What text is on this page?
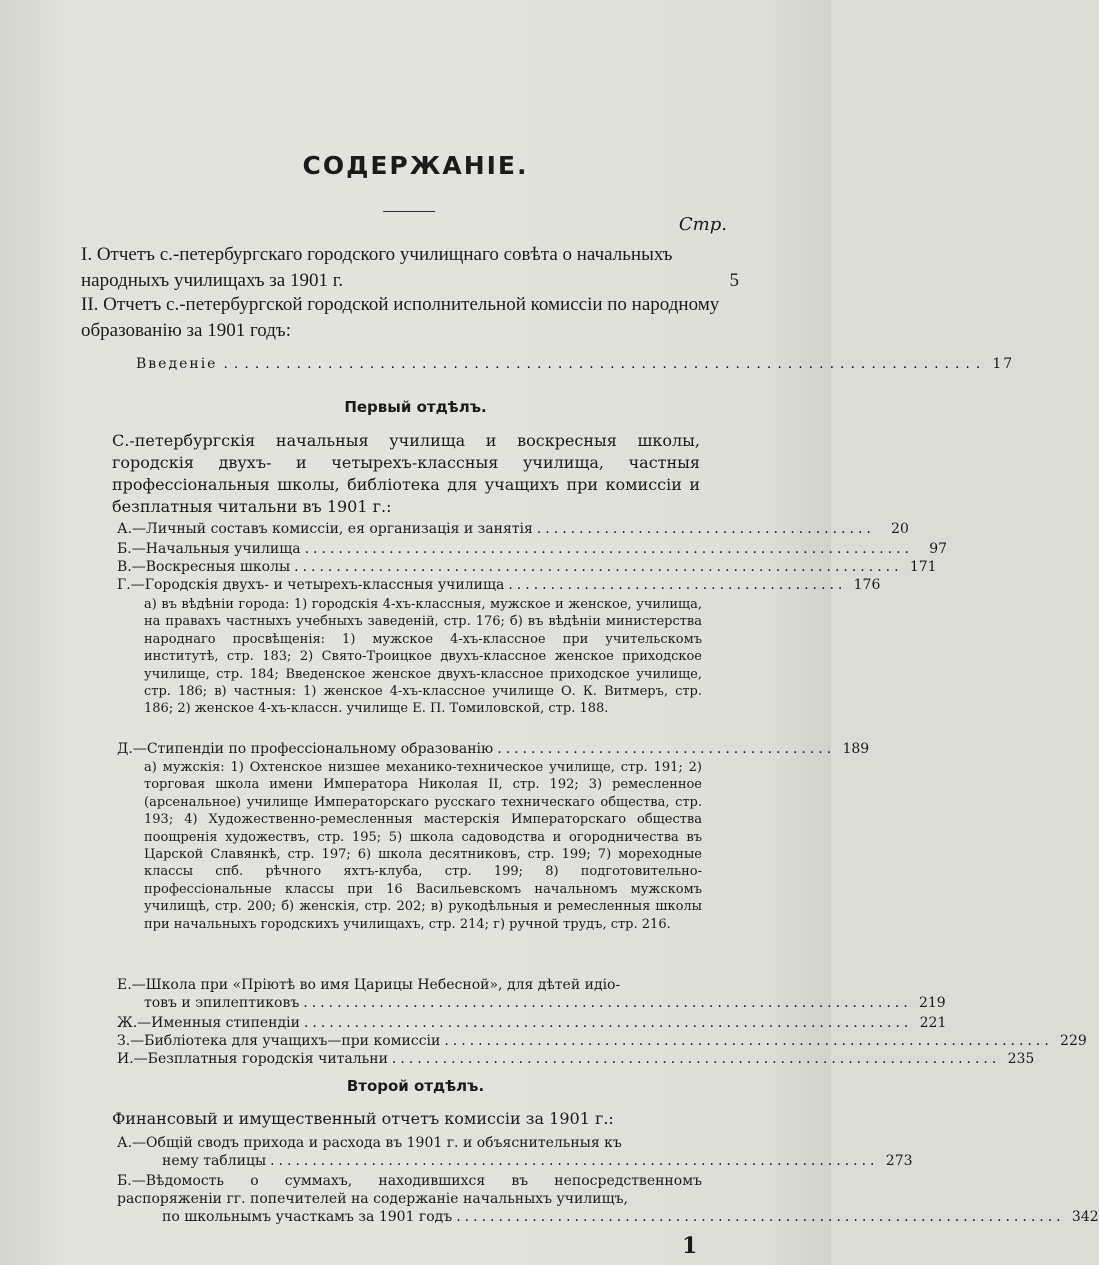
СОДЕРЖАНІЕ.
Стр.
I. Отчетъ с.-петербургскаго городского училищнаго совѣта о начальныхъ народныхъ училищахъ за 1901 г.	5
II. Отчетъ с.-петербургской городской исполнительной комиссіи по народному образованію за 1901 годъ:
Введеніе ......................................................................... 17
Первый отдѣлъ.
С.-петербургскія начальныя училища и воскресныя школы, городскія двухъ- и четырехъ-классныя училища, частныя профессіональныя школы, библіотека для учащихъ при комиссіи и безплатныя читальни въ 1901 г.:
А.—Личный составъ комиссіи, ея организація и занятія ........................................	20
Б.—Начальныя училища ........................................................................	97
В.—Воскресныя школы ........................................................................ 171
Г.—Городскія двухъ- и четырехъ-классныя училища ........................................ 176
а) въ вѣдѣніи города: 1) городскія 4-хъ-классныя, мужское и женское, училища, на правахъ частныхъ учебныхъ заведеній, стр. 176; б) въ вѣдѣніи министерства народнаго просвѣщенія: 1) мужское 4-хъ-классное при учительскомъ институтѣ, стр. 183; 2) Свято-Троицкое двухъ-классное женское приходское училище, стр. 184; Введенское женское двухъ-классное приходское училище, стр. 186; в) частныя: 1) женское 4-хъ-классное училище О. К. Витмеръ, стр. 186; 2) женское 4-хъ-классн. училище Е. П. Томиловской, стр. 188.
Д.—Стипендіи по профессіональному образованію ........................................ 189
а) мужскія: 1) Охтенское низшее механико-техническое училище, стр. 191; 2) торговая школа имени Императора Николая II, стр. 192; 3) ремесленное (арсенальное) училище Императорскаго русскаго техническаго общества, стр. 193; 4) Художественно-ремесленныя мастерскія Императорскаго общества поощренія художествъ, стр. 195; 5) школа садоводства и огородничества въ Царской Славянкѣ, стр. 197; 6) школа десятниковъ, стр. 199; 7) мореходные классы спб. рѣчного яхтъ-клуба, стр. 199; 8) подготовительно-профессіональные классы при 16 Васильевскомъ начальномъ мужскомъ училищѣ, стр. 200; б) женскія, стр. 202; в) рукодѣльныя и ремесленныя школы при начальныхъ городскихъ училищахъ, стр. 214; г) ручной трудъ, стр. 216.
Е.—Школа при «Пріютѣ во имя Царицы Небесной», для дѣтей идіо-
товъ и эпилептиковъ ........................................................................ 219
Ж.—Именныя стипендіи ........................................................................ 221
З.—Библіотека для учащихъ—при комиссіи ........................................................................ 229
И.—Безплатныя городскія читальни ........................................................................ 235
Второй отдѣлъ.
Финансовый и имущественный отчетъ комиссіи за 1901 г.:
А.—Общій сводъ прихода и расхода въ 1901 г. и объяснительныя къ
нему таблицы ........................................................................ 273
Б.—Вѣдомость о суммахъ, находившихся въ непосредственномъ распоряженіи гг. попечителей на содержаніе начальныхъ училищъ,
по школьнымъ участкамъ за 1901 годъ ........................................................................ 342
1
